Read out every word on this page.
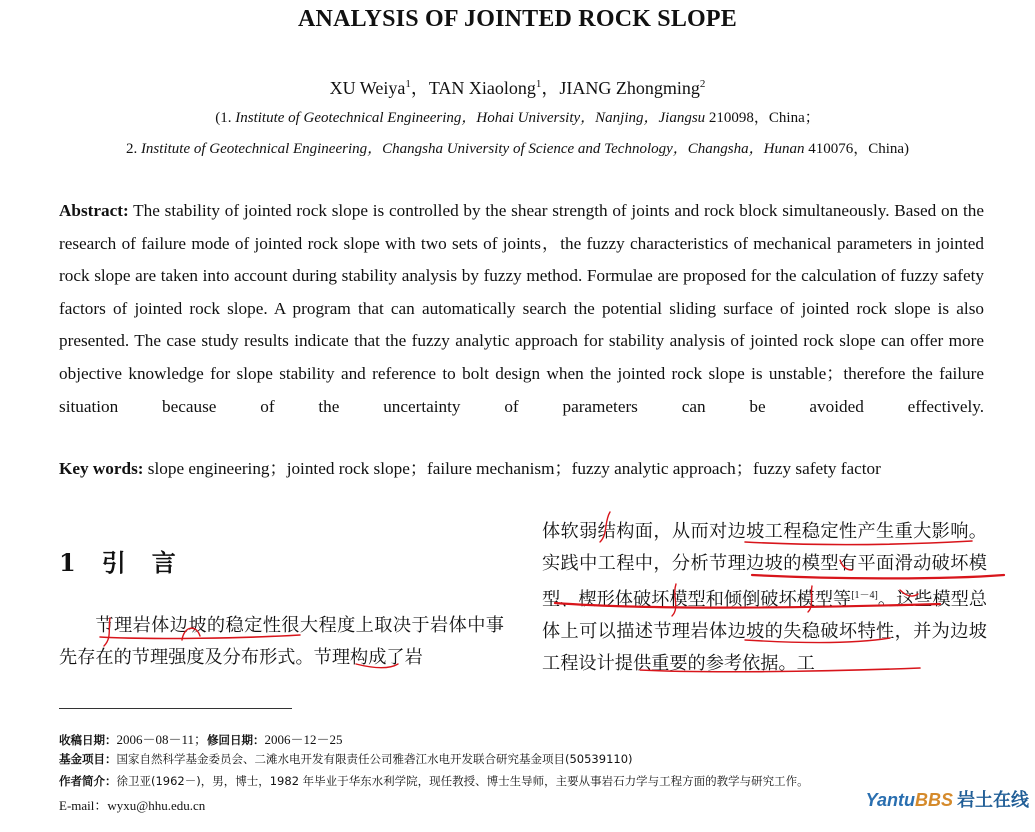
ANALYSIS OF JOINTED ROCK SLOPE
XU Weiya$^1$，TAN Xiaolong$^1$，JIANG Zhongming$^2$
(1. Institute of Geotechnical Engineering，Hohai University，Nanjing，Jiangsu 210098，China；
2. Institute of Geotechnical Engineering，Changsha University of Science and Technology，Changsha，Hunan 410076，China)
Abstract: The stability of jointed rock slope is controlled by the shear strength of joints and rock block simultaneously. Based on the research of failure mode of jointed rock slope with two sets of joints，the fuzzy characteristics of mechanical parameters in jointed rock slope are taken into account during stability analysis by fuzzy method. Formulae are proposed for the calculation of fuzzy safety factors of jointed rock slope. A program that can automatically search the potential sliding surface of jointed rock slope is also presented. The case study results indicate that the fuzzy analytic approach for stability analysis of jointed rock slope can offer more objective knowledge for slope stability and reference to bolt design when the jointed rock slope is unstable；therefore the failure situation because of the uncertainty of parameters can be avoided effectively.
Key words: slope engineering；jointed rock slope；failure mechanism；fuzzy analytic approach；fuzzy safety factor
1 引言
节理岩体边坡的稳定性很大程度上取决于岩体中事先存在的节理强度及分布形式。节理构成了岩
体软弱结构面，从而对边坡工程稳定性产生重大影响。实践中工程中，分析节理边坡的模型有平面滑动破坏模型、楔形体破坏模型和倾倒破坏模型等[1－4]。这些模型总体上可以描述节理岩体边坡的失稳破坏特性，并为边坡工程设计提供重要的参考依据。工
收稿日期：2006－08－11；修回日期：2006－12－25
基金项目：国家自然科学基金委员会、二滩水电开发有限责任公司雅砻江水电开发联合研究基金项目(50539110)
作者简介：徐卫亚(1962－)，男，博士，1982 年毕业于华东水利学院，现任教授、博士生导师，主要从事岩石力学与工程方面的教学与研究工作。
E-mail：wyxu@hhu.edu.cn	YantuBBS 岩土在线
